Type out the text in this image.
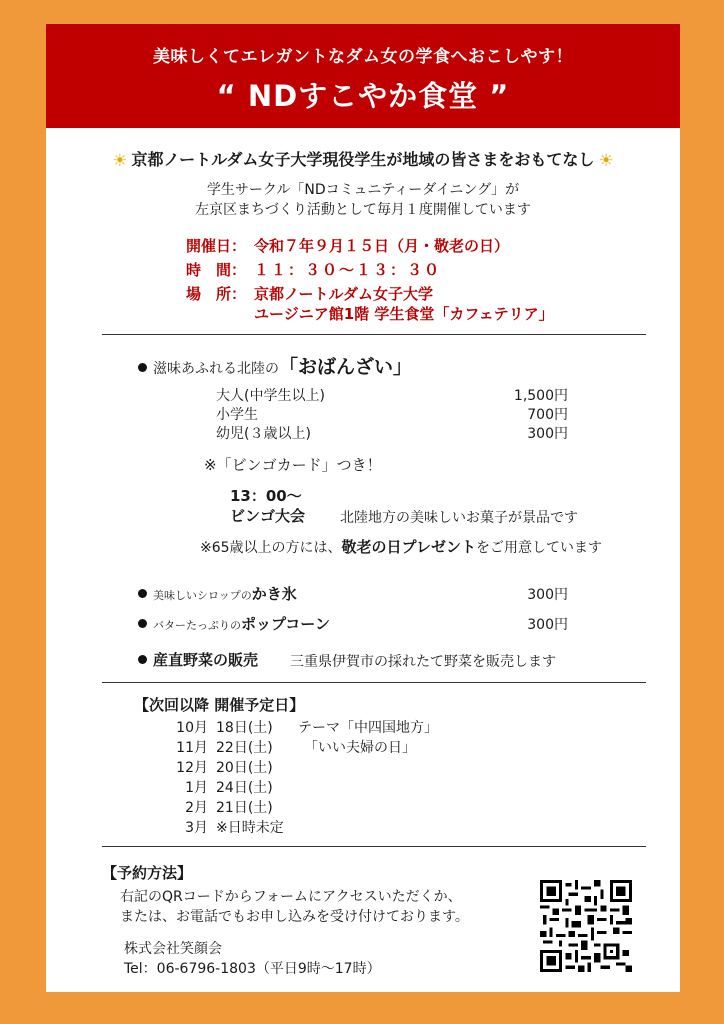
美味しくてエレガントなダム女の学食へおこしやす！
“ NDすこやか食堂 ”
☀ 京都ノートルダム女子大学現役学生が地域の皆さまをおもてなし ☀
学生サークル「NDコミュニティーダイニング」が
左京区まちづくり活動として毎月１度開催しています
開催日： 令和７年９月１５日（月・敬老の日）
時　間： １１：３０～１３：３０
場　所： 京都ノートルダム女子大学
ユージニア館1階 学生食堂「カフェテリア」
滋味あふれる北陸の「おばんざい」
大人(中学生以上)	1,500円
小学生	700円
幼児(３歳以上)	300円
※「ビンゴカード」つき！
13：00～
ビンゴ大会 北陸地方の美味しいお菓子が景品です
※65歳以上の方には、敬老の日プレゼントをご用意しています
美味しいシロップのかき氷	300円
バターたっぷりのポップコーン	300円
産直野菜の販売 三重県伊賀市の採れたて野菜を販売します
【次回以降 開催予定日】
10月 18日(土) テーマ「中四国地方」
11月 22日(土) 「いい夫婦の日」
12月 20日(土)
1月 24日(土)
2月 21日(土)
3月 ※日時未定
【予約方法】
右記のQRコードからフォームにアクセスいただくか、
または、お電話でもお申し込みを受け付けております。
株式会社笑顔会
Tel：06-6796-1803（平日9時～17時）
